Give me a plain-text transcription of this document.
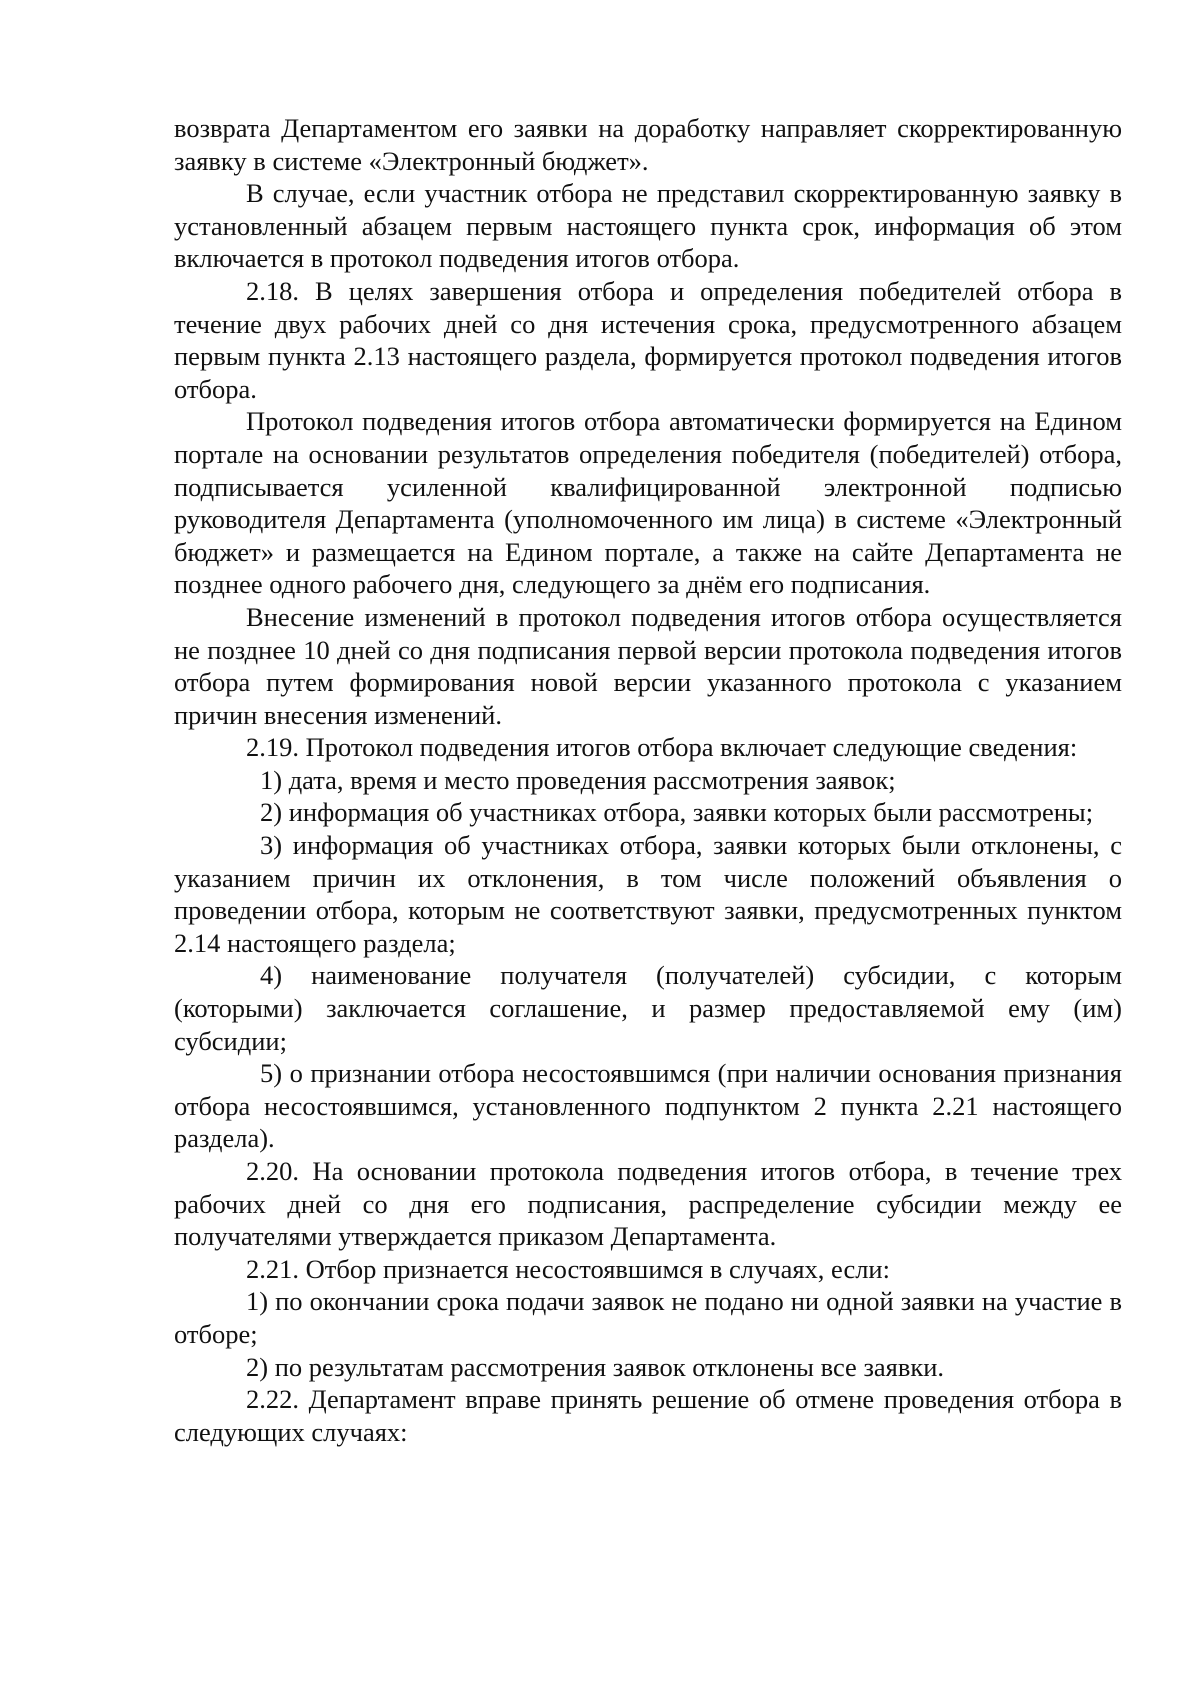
возврата Департаментом его заявки на доработку направляет скорректированную заявку в системе «Электронный бюджет».

В случае, если участник отбора не представил скорректированную заявку в установленный абзацем первым настоящего пункта срок, информация об этом включается в протокол подведения итогов отбора.

2.18. В целях завершения отбора и определения победителей отбора в течение двух рабочих дней со дня истечения срока, предусмотренного абзацем первым пункта 2.13 настоящего раздела, формируется протокол подведения итогов отбора.

Протокол подведения итогов отбора автоматически формируется на Едином портале на основании результатов определения победителя (победителей) отбора, подписывается усиленной квалифицированной электронной подписью руководителя Департамента (уполномоченного им лица) в системе «Электронный бюджет» и размещается на Едином портале, а также на сайте Департамента не позднее одного рабочего дня, следующего за днём его подписания.

Внесение изменений в протокол подведения итогов отбора осуществляется не позднее 10 дней со дня подписания первой версии протокола подведения итогов отбора путем формирования новой версии указанного протокола с указанием причин внесения изменений.

2.19. Протокол подведения итогов отбора включает следующие сведения:

1) дата, время и место проведения рассмотрения заявок;

2) информация об участниках отбора, заявки которых были рассмотрены;

3) информация об участниках отбора, заявки которых были отклонены, с указанием причин их отклонения, в том числе положений объявления о проведении отбора, которым не соответствуют заявки, предусмотренных пунктом 2.14 настоящего раздела;

4) наименование получателя (получателей) субсидии, с которым (которыми) заключается соглашение, и размер предоставляемой ему (им) субсидии;

5) о признании отбора несостоявшимся (при наличии основания признания отбора несостоявшимся, установленного подпунктом 2 пункта 2.21 настоящего раздела).

2.20. На основании протокола подведения итогов отбора, в течение трех рабочих дней со дня его подписания, распределение субсидии между ее получателями утверждается приказом Департамента.

2.21. Отбор признается несостоявшимся в случаях, если:

1) по окончании срока подачи заявок не подано ни одной заявки на участие в отборе;

2) по результатам рассмотрения заявок отклонены все заявки.

2.22. Департамент вправе принять решение об отмене проведения отбора в следующих случаях:
